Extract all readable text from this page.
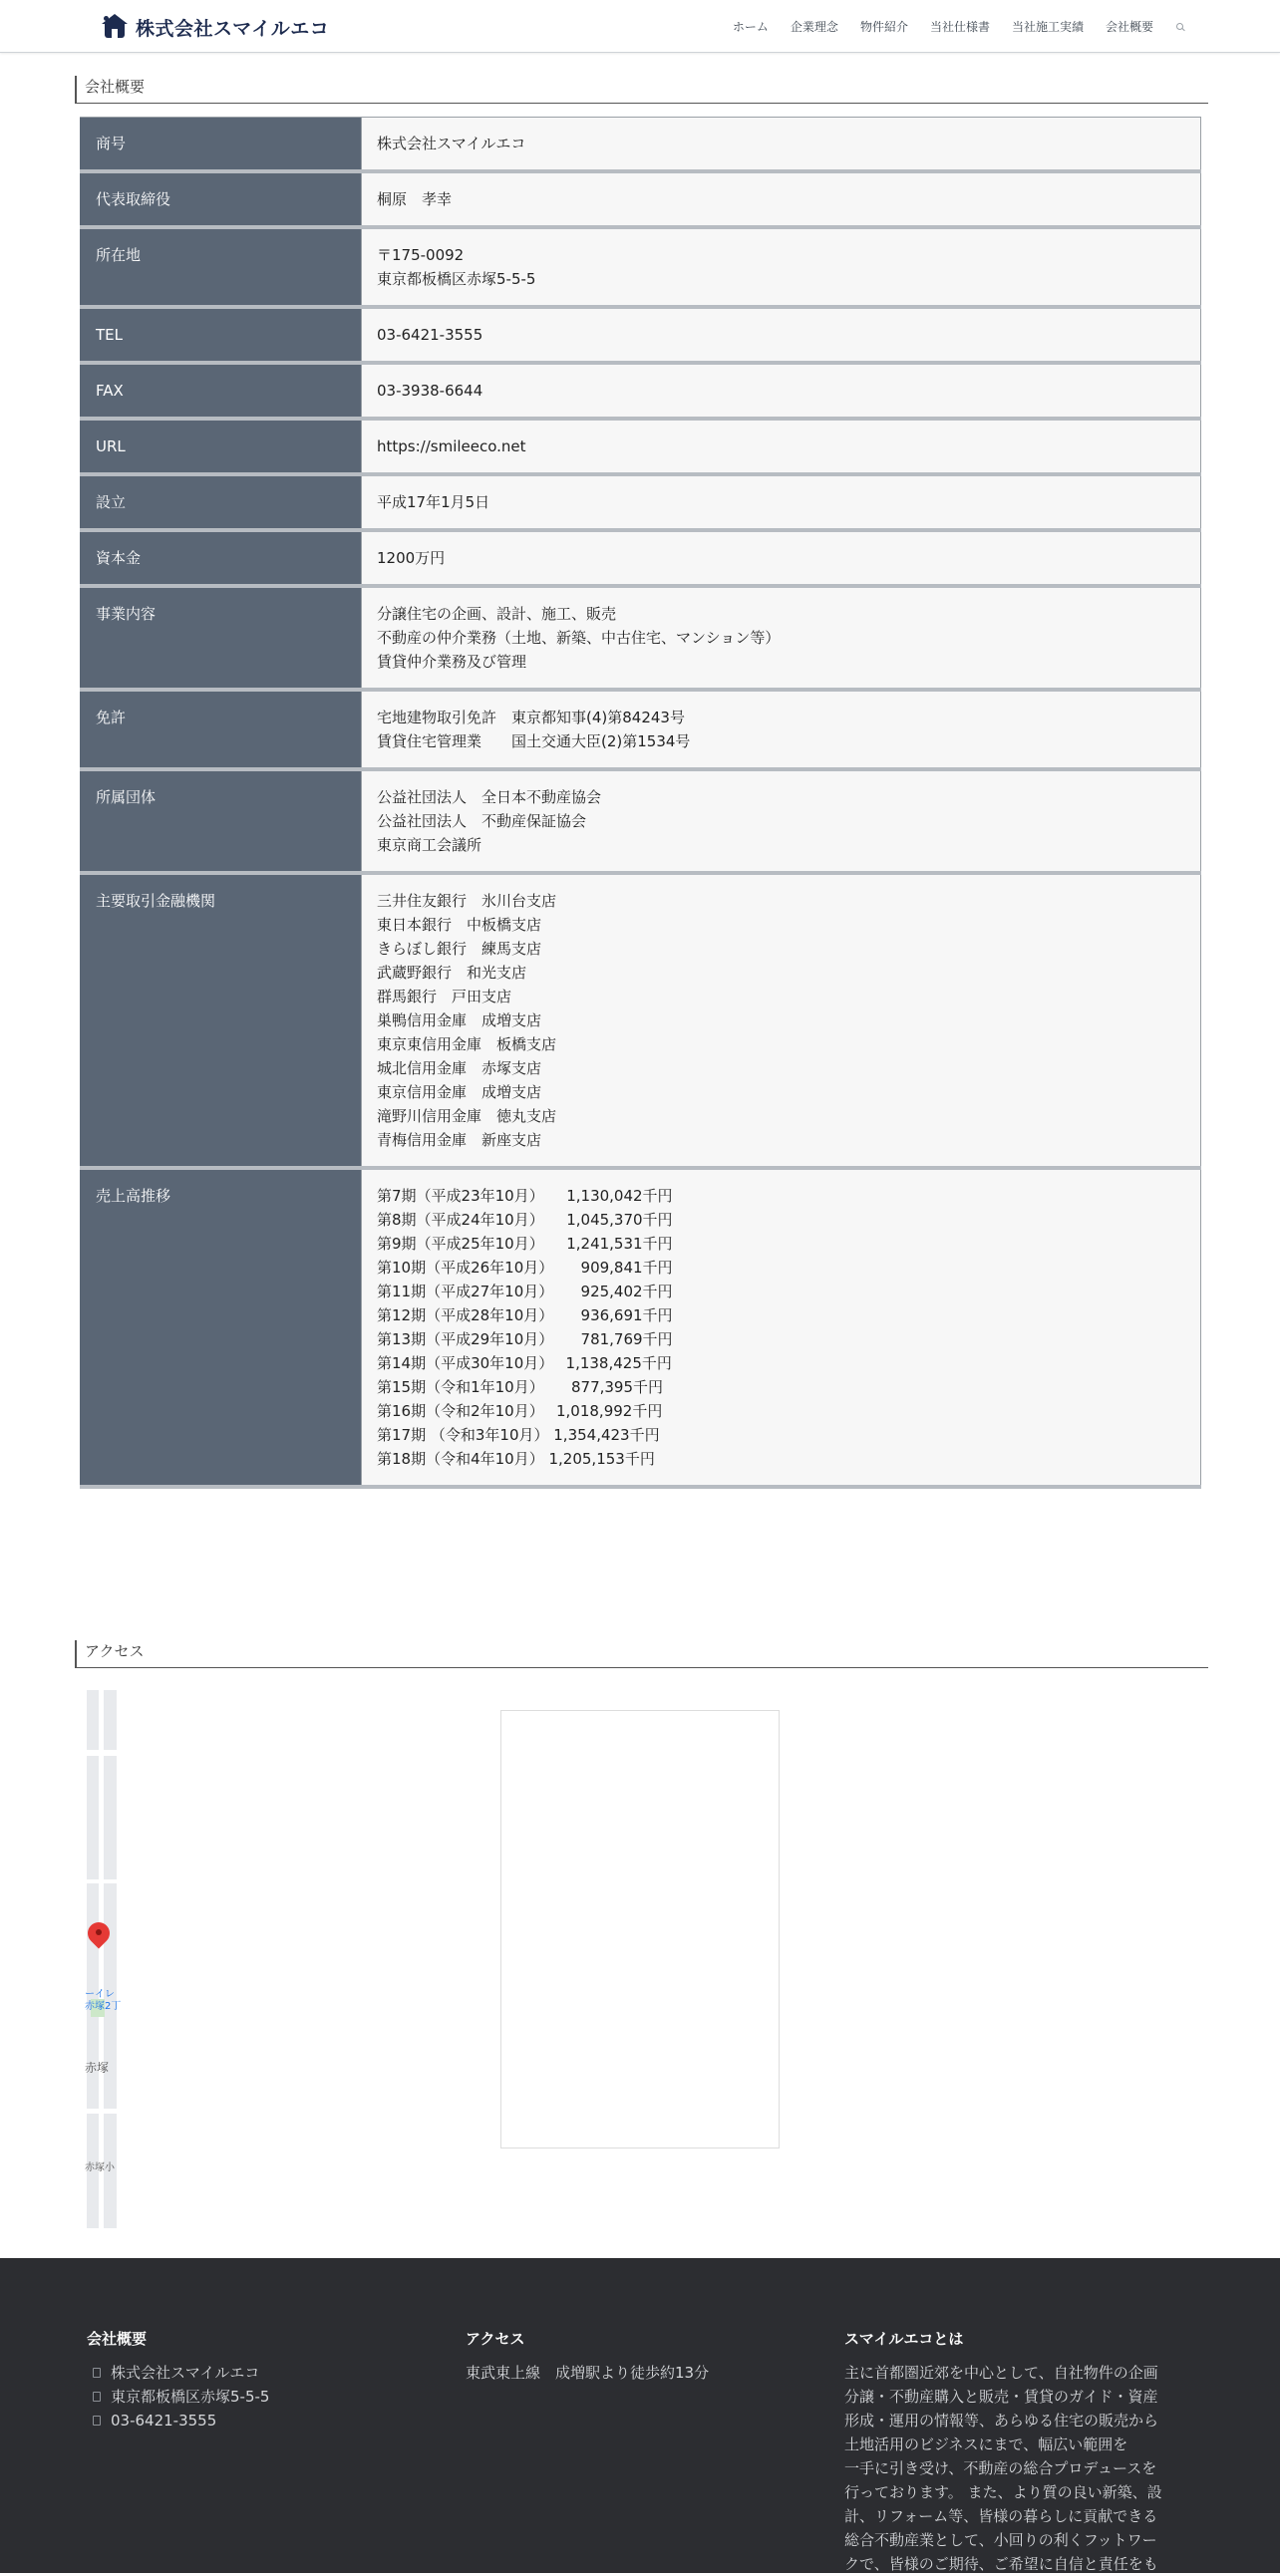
株式会社スマイルエコ	ホーム 企業理念 物件紹介 当社仕様書 当社施工実績 会社概要
会社概要
商号	株式会社スマイルエコ
代表取締役	桐原　孝幸
所在地	〒175-0092
東京都板橋区赤塚5-5-5
TEL	03-6421-3555
FAX	03-3938-6644
URL	https://smileeco.net
設立	平成17年1月5日
資本金	1200万円
事業内容	分譲住宅の企画、設計、施工、販売
不動産の仲介業務（土地、新築、中古住宅、マンション等）
賃貸仲介業務及び管理
免許	宅地建物取引免許　東京都知事(4)第84243号
賃貸住宅管理業　　国土交通大臣(2)第1534号
所属団体	公益社団法人　全日本不動産協会
公益社団法人　不動産保証協会
東京商工会議所
主要取引金融機関	三井住友銀行　氷川台支店
東日本銀行　中板橋支店
きらぼし銀行　練馬支店
武蔵野銀行　和光支店
群馬銀行　戸田支店
巣鴨信用金庫　成増支店
東京東信用金庫　板橋支店
城北信用金庫　赤塚支店
東京信用金庫　成増支店
滝野川信用金庫　徳丸支店
青梅信用金庫　新座支店
売上高推移	第7期（平成23年10月）　　1,130,042千円
第8期（平成24年10月）　　1,045,370千円
第9期（平成25年10月）　　1,241,531千円
第10期（平成26年10月）　　 909,841千円
第11期（平成27年10月）　　 925,402千円
第12期（平成28年10月）　　 936,691千円
第13期（平成29年10月）　　 781,769千円
第14期（平成30年10月）　 1,138,425千円
第15期（令和1年10月）　　 877,395千円
第16期（令和2年10月）　 1,018,992千円
第17期 （令和3年10月） 1,354,423千円
第18期（令和4年10月） 1,205,153千円
アクセス
ーイレ
赤塚2丁
赤塚
赤塚小
会社概要
株式会社スマイルエコ
東京都板橋区赤塚5-5-5
03-6421-3555
アクセス

東武東上線　成増駅より徒歩約13分

スマイルエコとは

主に首都圏近郊を中心として、自社物件の企画

分譲・不動産購入と販売・賃貸のガイド・資産

形成・運用の情報等、あらゆる住宅の販売から

土地活用のビジネスにまで、幅広い範囲を

一手に引き受け、不動産の総合プロデュースを

行っております。 また、より質の良い新築、設

計、リフォーム等、皆様の暮らしに貢献できる

総合不動産業として、小回りの利くフットワー

クで、皆様のご期待、ご希望に自信と責任をも
